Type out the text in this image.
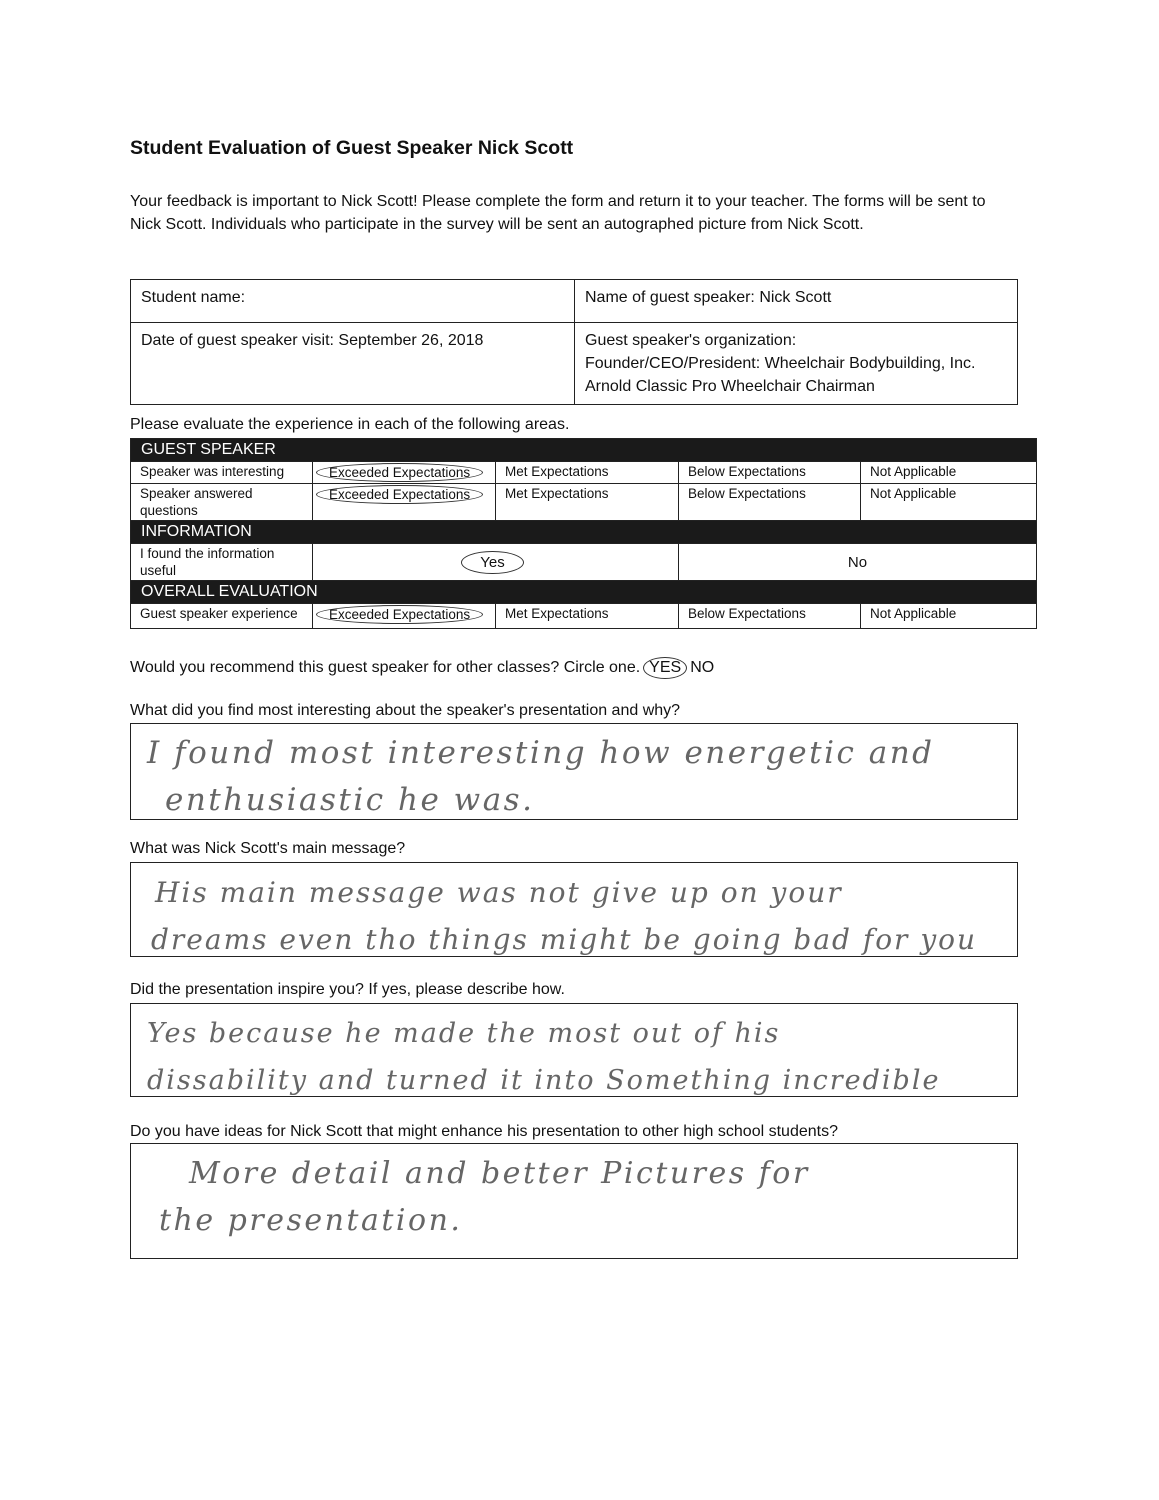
Student Evaluation of Guest Speaker Nick Scott
Your feedback is important to Nick Scott! Please complete the form and return it to your teacher. The forms will be sent to Nick Scott. Individuals who participate in the survey will be sent an autographed picture from Nick Scott.
Student name:	Name of guest speaker: Nick Scott
Date of guest speaker visit: September 26, 2018	Guest speaker's organization:
Founder/CEO/President: Wheelchair Bodybuilding, Inc.
Arnold Classic Pro Wheelchair Chairman
Please evaluate the experience in each of the following areas.
GUEST SPEAKER				
Speaker was interesting	Exceeded Expectations	Met Expectations	Below Expectations	Not Applicable
Speaker answered questions	Exceeded Expectations	Met Expectations	Below Expectations	Not Applicable
INFORMATION				
I found the information useful	Yes		No	
OVERALL EVALUATION				
Guest speaker experience	Exceeded Expectations	Met Expectations	Below Expectations	Not Applicable
Would you recommend this guest speaker for other classes? Circle one. YES NO
What did you find most interesting about the speaker's presentation and why?
I found most interesting how energetic and
enthusiastic he was.
What was Nick Scott's main message?
His main message was not give up on your
dreams even tho things might be going bad for you
Did the presentation inspire you? If yes, please describe how.
Yes because he made the most out of his
dissability and turned it into Something incredible
Do you have ideas for Nick Scott that might enhance his presentation to other high school students?
More detail and better Pictures for
the presentation.
